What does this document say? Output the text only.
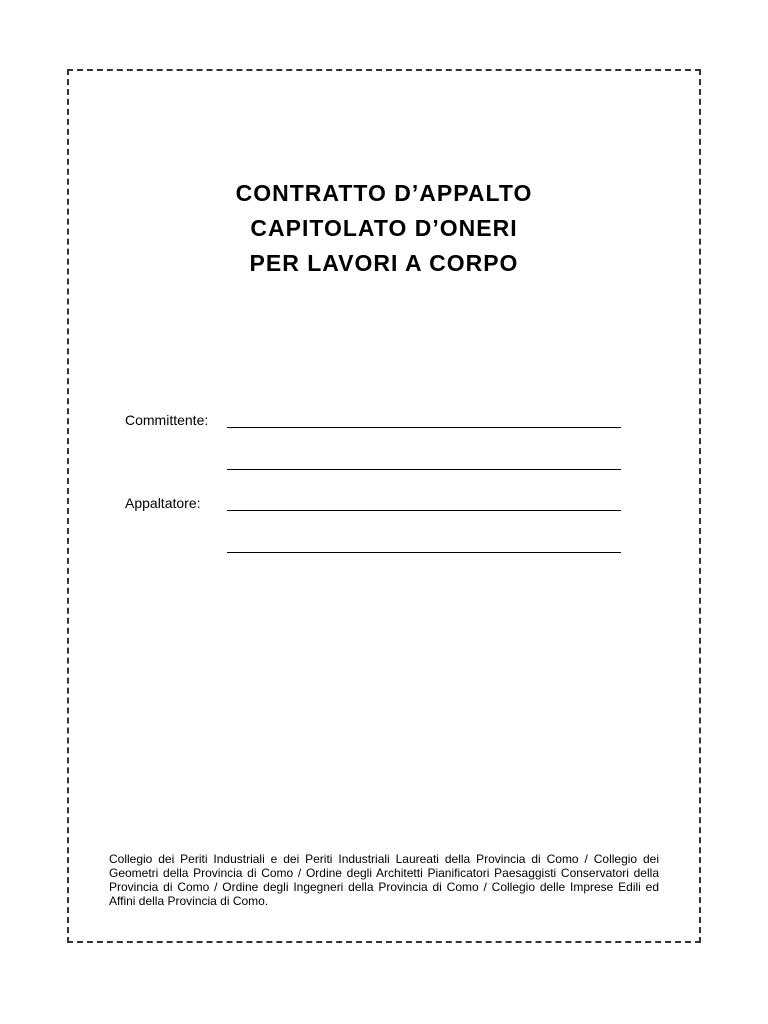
CONTRATTO D’APPALTO

CAPITOLATO D’ONERI

PER LAVORI A CORPO

Committente:
Appaltatore:
Collegio dei Periti Industriali e dei Periti Industriali Laureati della Provincia di Como / Collegio dei Geometri della Provincia di Como / Ordine degli Architetti Pianificatori Paesaggisti Conservatori della Provincia di Como / Ordine degli Ingegneri della Provincia di Como / Collegio delle Imprese Edili ed Affini della Provincia di Como.
